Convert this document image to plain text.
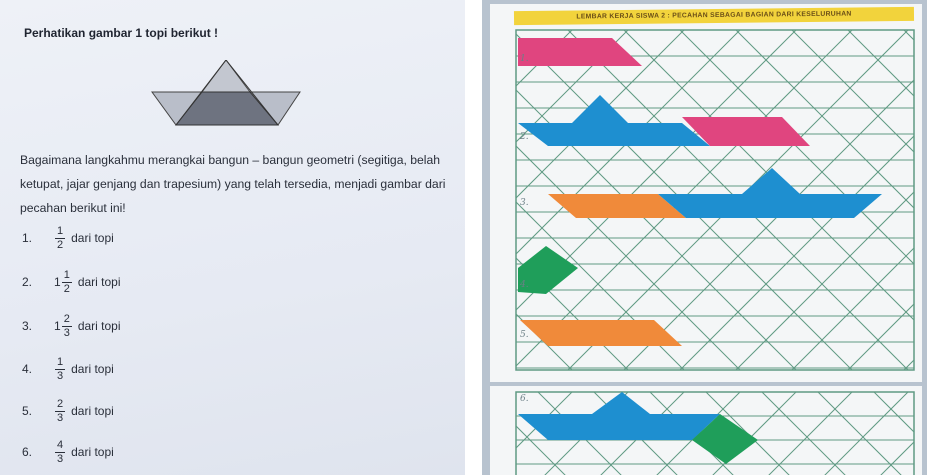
Perhatikan gambar 1 topi berikut !
Bagaimana langkahmu merangkai bangun – bangun geometri (segitiga, belah ketupat, jajar genjang dan trapesium) yang telah tersedia, menjadi gambar dari pecahan berikut ini!
1.	$\frac{1}{2}$ dari topi
2.	$1 \frac{1}{2}$ dari topi
3.	$1 \frac{2}{3}$ dari topi
4.	$\frac{1}{3}$ dari topi
5.	$\frac{2}{3}$ dari topi
6.	$\frac{4}{3}$ dari topi
LEMBAR KERJA SISWA 2 : PECAHAN SEBAGAI BAGIAN DARI KESELURUHAN
1.
2.
3.
4.
5.
6.
